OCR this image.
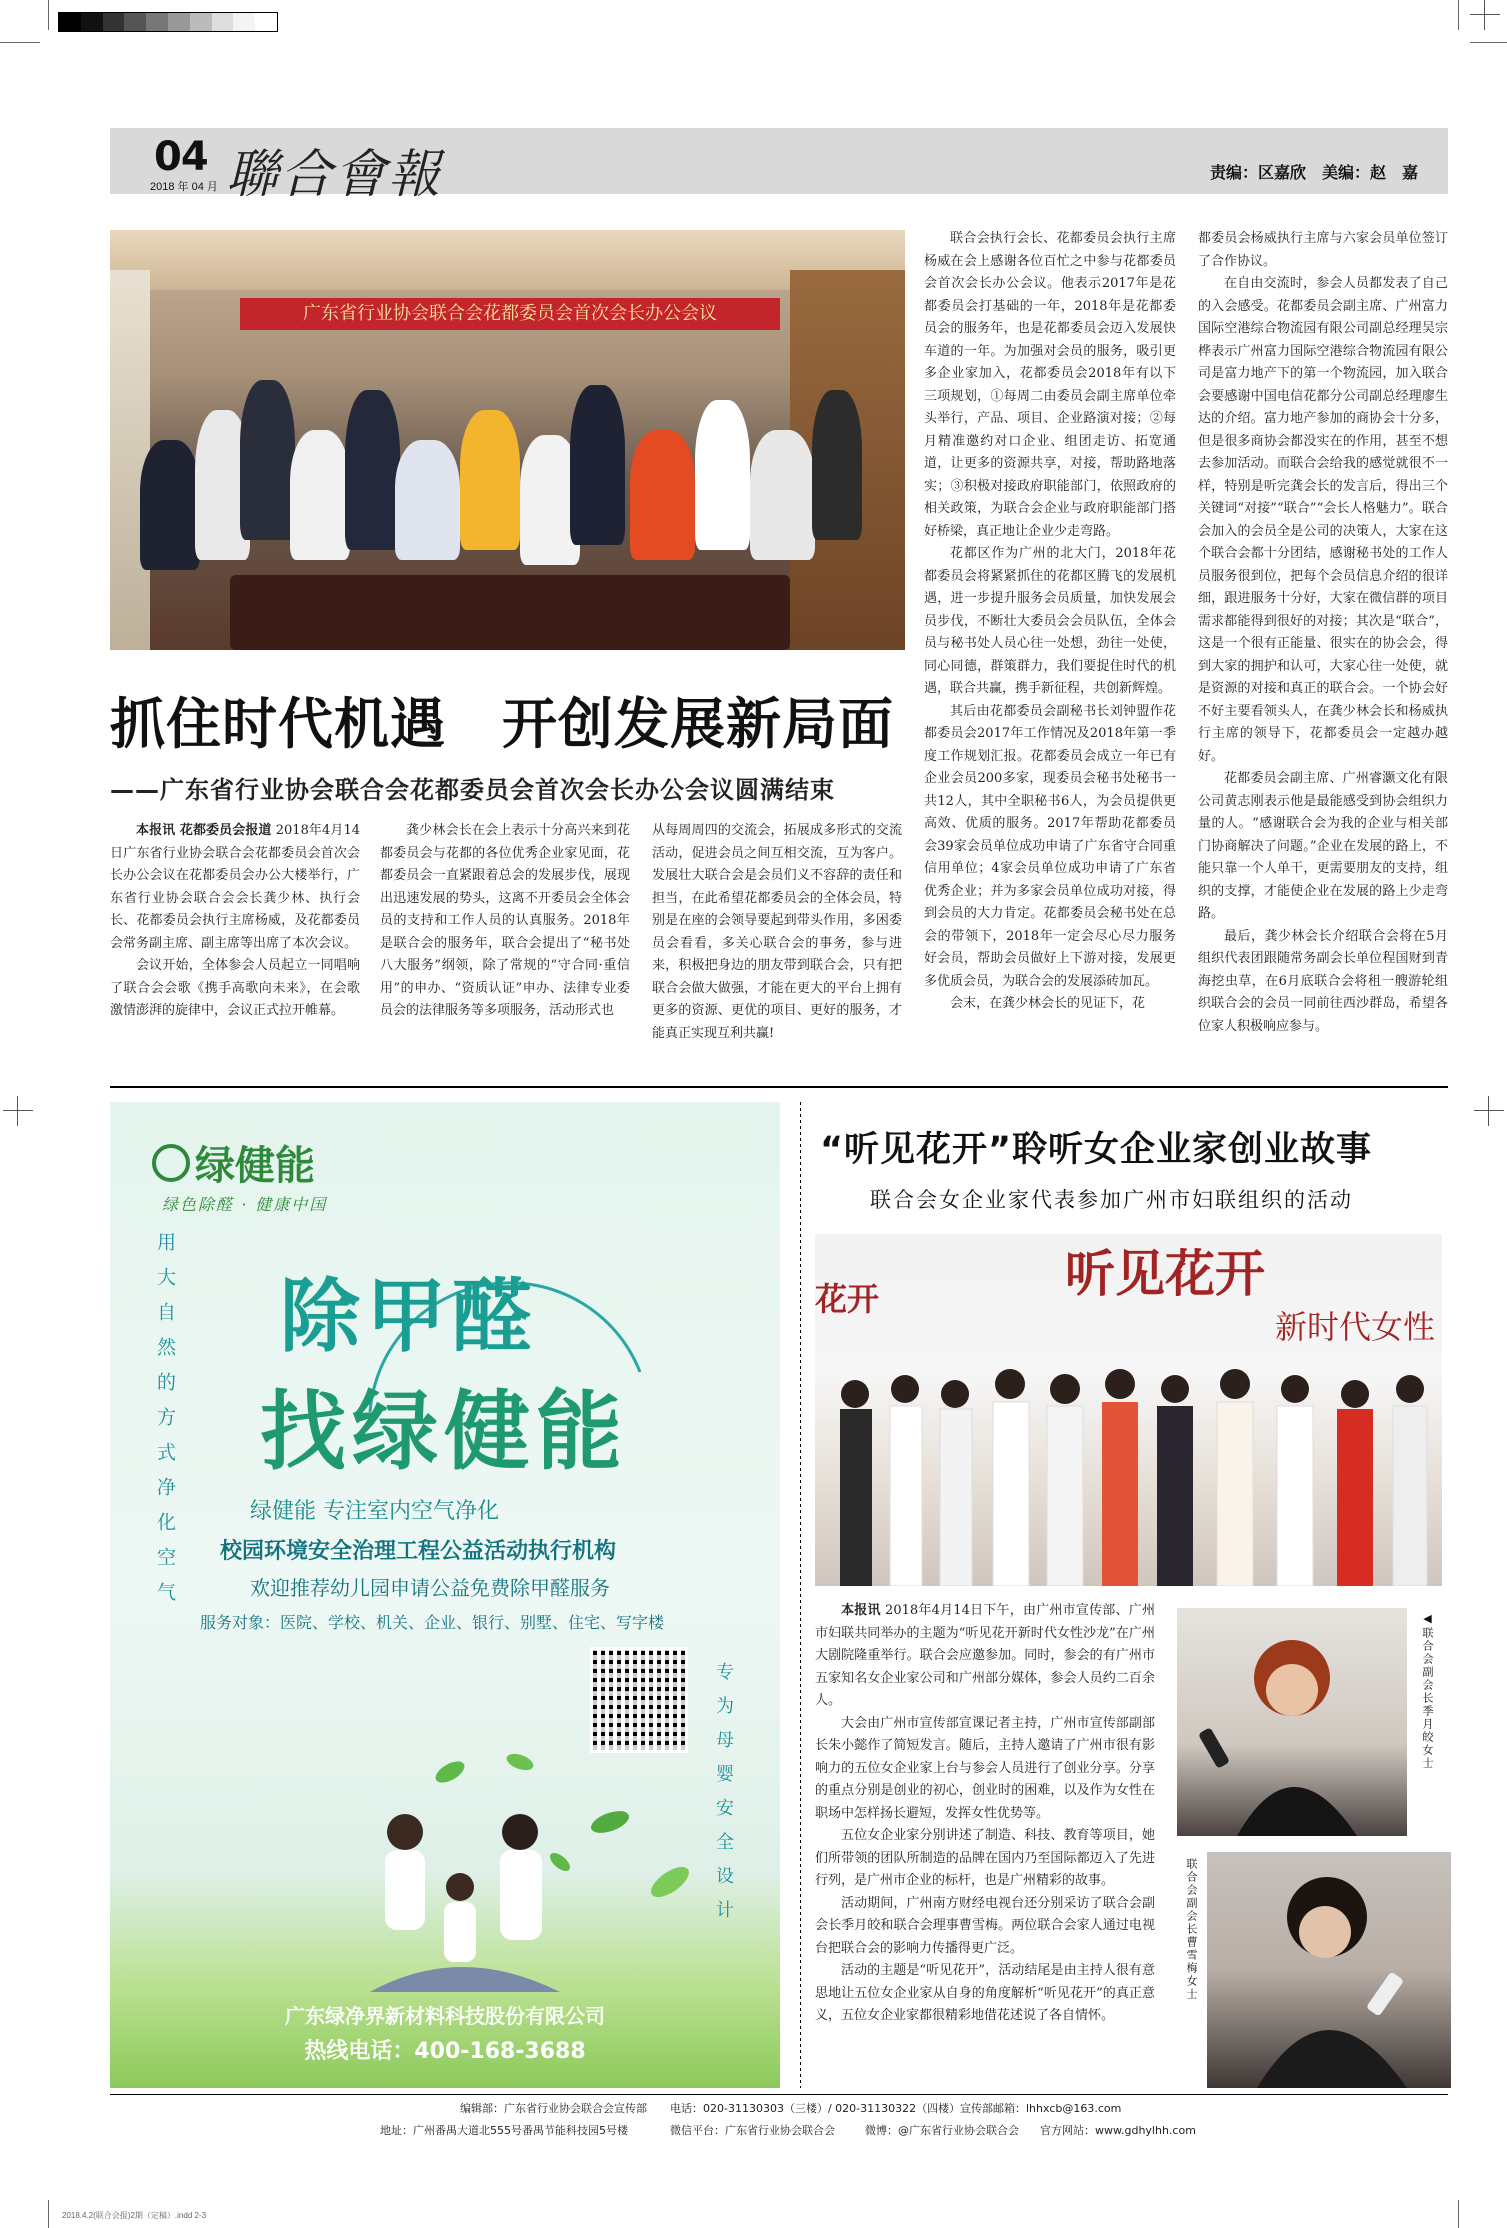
04
2018 年 04 月 聯合會報	责编：区嘉欣　美编：赵　嘉
广东省行业协会联合会花都委员会首次会长办公会议
抓住时代机遇　开创发展新局面
——广东省行业协会联合会花都委员会首次会长办公会议圆满结束

本报讯 花都委员会报道 2018年4月14日广东省行业协会联合会花都委员会首次会长办公会议在花都委员会办公大楼举行，广东省行业协会联合会会长龚少林、执行会长、花都委员会执行主席杨威，及花都委员会常务副主席、副主席等出席了本次会议。

会议开始，全体参会人员起立一同唱响了联合会会歌《携手高歌向未来》，在会歌激情澎湃的旋律中，会议正式拉开帷幕。

龚少林会长在会上表示十分高兴来到花都委员会与花都的各位优秀企业家见面，花都委员会一直紧跟着总会的发展步伐，展现出迅速发展的势头，这离不开委员会全体会员的支持和工作人员的认真服务。2018年是联合会的服务年，联合会提出了“秘书处八大服务”纲领，除了常规的“守合同·重信用”的申办、“资质认证”申办、法律专业委员会的法律服务等多项服务，活动形式也

从每周周四的交流会，拓展成多形式的交流活动，促进会员之间互相交流，互为客户。发展壮大联合会是会员们义不容辞的责任和担当，在此希望花都委员会的全体会员，特别是在座的会领导要起到带头作用，多困委员会看看，多关心联合会的事务，参与进来，积极把身边的朋友带到联合会，只有把联合会做大做强，才能在更大的平台上拥有更多的资源、更优的项目、更好的服务，才能真正实现互利共赢!

联合会执行会长、花都委员会执行主席杨威在会上感谢各位百忙之中参与花都委员会首次会长办公会议。他表示2017年是花都委员会打基础的一年，2018年是花都委员会的服务年，也是花都委员会迈入发展快车道的一年。为加强对会员的服务，吸引更多企业家加入，花都委员会2018年有以下三项规划，①每周二由委员会副主席单位牵头举行，产品、项目、企业路演对接；②每月精准邀约对口企业、组团走访、拓宽通道，让更多的资源共享，对接，帮助路地落实；③积极对接政府职能部门，依照政府的相关政策，为联合会企业与政府职能部门搭好桥梁，真正地让企业少走弯路。

花都区作为广州的北大门，2018年花都委员会将紧紧抓住的花都区腾飞的发展机遇，进一步提升服务会员质量，加快发展会员步伐，不断壮大委员会会员队伍，全体会员与秘书处人员心往一处想，劲往一处使，同心同德，群策群力，我们要捉住时代的机遇，联合共赢，携手新征程，共创新辉煌。

其后由花都委员会副秘书长刘钟盟作花都委员会2017年工作情况及2018年第一季度工作规划汇报。花都委员会成立一年已有企业会员200多家，现委员会秘书处秘书一共12人，其中全职秘书6人，为会员提供更高效、优质的服务。2017年帮助花都委员会39家会员单位成功申请了广东省守合同重信用单位；4家会员单位成功申请了广东省优秀企业；并为多家会员单位成功对接，得到会员的大力肯定。花都委员会秘书处在总会的带领下，2018年一定会尽心尽力服务好会员，帮助会员做好上下游对接，发展更多优质会员，为联合会的发展添砖加瓦。

会末，在龚少林会长的见证下，花

都委员会杨威执行主席与六家会员单位签订了合作协议。

在自由交流时，参会人员都发表了自己的入会感受。花都委员会副主席、广州富力国际空港综合物流园有限公司副总经理吴宗桦表示广州富力国际空港综合物流园有限公司是富力地产下的第一个物流园，加入联合会要感谢中国电信花都分公司副总经理廖生达的介绍。富力地产参加的商协会十分多，但是很多商协会都没实在的作用，甚至不想去参加活动。而联合会给我的感觉就很不一样，特别是听完龚会长的发言后，得出三个关键词“对接”“联合”“会长人格魅力”。联合会加入的会员全是公司的决策人，大家在这个联合会都十分团结，感谢秘书处的工作人员服务很到位，把每个会员信息介绍的很详细，跟进服务十分好，大家在微信群的项目需求都能得到很好的对接；其次是“联合”，这是一个很有正能量、很实在的协会会，得到大家的拥护和认可，大家心往一处使，就是资源的对接和真正的联合会。一个协会好不好主要看领头人，在龚少林会长和杨威执行主席的领导下，花都委员会一定越办越好。

花都委员会副主席、广州睿灏文化有限公司黄志刚表示他是最能感受到协会组织力量的人。“感谢联合会为我的企业与相关部门协商解决了问题。”企业在发展的路上，不能只靠一个人单干，更需要朋友的支持，组织的支撑，才能使企业在发展的路上少走弯路。

最后，龚少林会长介绍联合会将在5月组织代表团跟随常务副会长单位程国财到青海挖虫草，在6月底联合会将租一艘游轮组织联合会的会员一同前往西沙群岛，希望各位家人积极响应参与。

绿健能
绿色除醛 · 健康中国
用大自然的方式净化空气 除甲醛
找绿健能
绿健能 专注室内空气净化
校园环境安全治理工程公益活动执行机构
欢迎推荐幼儿园申请公益免费除甲醛服务
服务对象：医院、学校、机关、企业、银行、别墅、住宅、写字楼
专为母婴安全设计
广东绿净界新材料科技股份有限公司
热线电话：400-168-3688
“听见花开”聆听女企业家创业故事
联合会女企业家代表参加广州市妇联组织的活动
花开	听见花开
新时代女性

本报讯 2018年4月14日下午，由广州市宣传部、广州市妇联共同举办的主题为“听见花开新时代女性沙龙”在广州大剧院隆重举行。联合会应邀参加。同时，参会的有广州市五家知名女企业家公司和广州部分媒体，参会人员约二百余人。

大会由广州市宣传部宣课记者主持，广州市宣传部副部长朱小懿作了简短发言。随后，主持人邀请了广州市很有影响力的五位女企业家上台与参会人员进行了创业分享。分享的重点分别是创业的初心，创业时的困难，以及作为女性在职场中怎样扬长避短，发挥女性优势等。

五位女企业家分别讲述了制造、科技、教育等项目，她们所带领的团队所制造的品牌在国内乃至国际都迈入了先进行列，是广州市企业的标杆，也是广州精彩的故事。

活动期间，广州南方财经电视台还分别采访了联合会副会长季月皎和联合会理事曹雪梅。两位联合会家人通过电视台把联合会的影响力传播得更广泛。

活动的主题是“听见花开”，活动结尾是由主持人很有意思地让五位女企业家从自身的角度解析“听见花开”的真正意义，五位女企业家都很精彩地借花述说了各自情怀。

◀联合会副会长季月皎女士
联合会副会长曹雪梅女士
编辑部：广东省行业协会联合会宣传部 电话：020-31130303（三楼）/ 020-31130322（四楼） 宣传部邮箱：lhhxcb@163.com
地址：广州番禺大道北555号番禺节能科技园5号楼	微信平台：广东省行业协会联合会	微博：@广东省行业协会联合会 官方网站：www.gdhylhh.com
2018.4.2(联合会报)2期（定稿）.indd 2-3
